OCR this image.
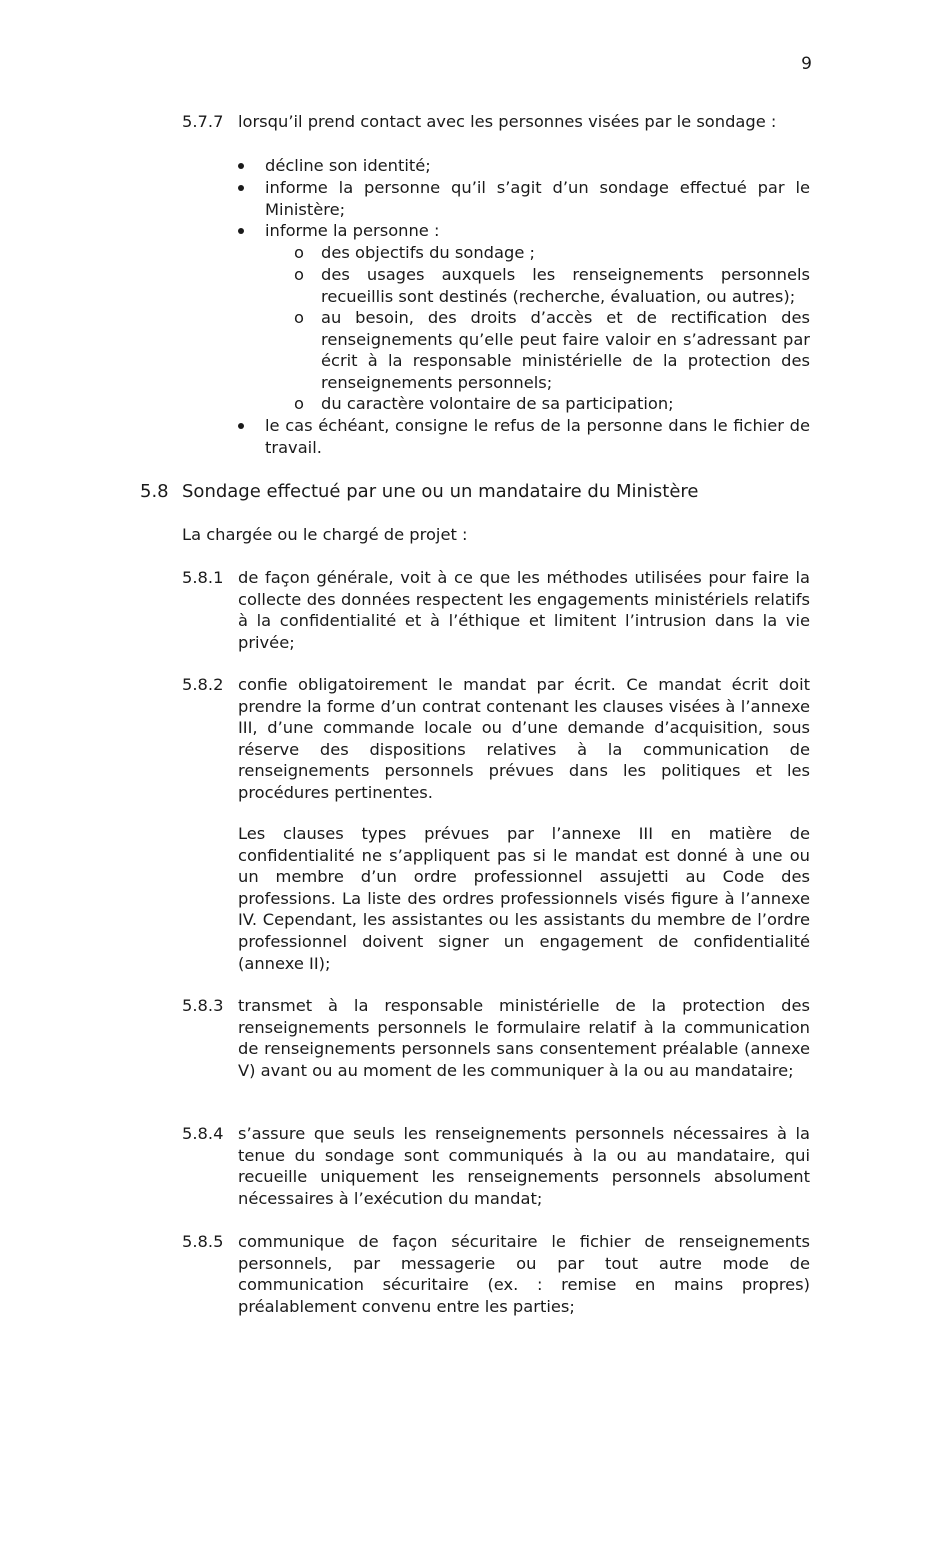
9
5.7.7 lorsqu’il prend contact avec les personnes visées par le sondage :
décline son identité;
informe la personne qu’il s’agit d’un sondage effectué par le Ministère;
informe la personne :
o des objectifs du sondage ;
o des usages auxquels les renseignements personnels recueillis sont destinés (recherche, évaluation, ou autres);
o au besoin, des droits d’accès et de rectification des renseignements qu’elle peut faire valoir en s’adressant par écrit à la responsable ministérielle de la protection des renseignements personnels;
o du caractère volontaire de sa participation;
le cas échéant, consigne le refus de la personne dans le fichier de travail.
5.8 Sondage effectué par une ou un mandataire du Ministère
La chargée ou le chargé de projet :
5.8.1 de façon générale, voit à ce que les méthodes utilisées pour faire la collecte des données respectent les engagements ministériels relatifs à la confidentialité et à l’éthique et limitent l’intrusion dans la vie privée;
5.8.2 confie obligatoirement le mandat par écrit. Ce mandat écrit doit prendre la forme d’un contrat contenant les clauses visées à l’annexe III, d’une commande locale ou d’une demande d’acquisition, sous réserve des dispositions relatives à la communication de renseignements personnels prévues dans les politiques et les procédures pertinentes.
Les clauses types prévues par l’annexe III en matière de confidentialité ne s’appliquent pas si le mandat est donné à une ou un membre d’un ordre professionnel assujetti au Code des professions. La liste des ordres professionnels visés figure à l’annexe IV. Cependant, les assistantes ou les assistants du membre de l’ordre professionnel doivent signer un engagement de confidentialité (annexe II);
5.8.3 transmet à la responsable ministérielle de la protection des renseignements personnels le formulaire relatif à la communication de renseignements personnels sans consentement préalable (annexe V) avant ou au moment de les communiquer à la ou au mandataire;
5.8.4 s’assure que seuls les renseignements personnels nécessaires à la tenue du sondage sont communiqués à la ou au mandataire, qui recueille uniquement les renseignements personnels absolument nécessaires à l’exécution du mandat;
5.8.5 communique de façon sécuritaire le fichier de renseignements personnels, par messagerie ou par tout autre mode de communication sécuritaire (ex. : remise en mains propres) préalablement convenu entre les parties;
